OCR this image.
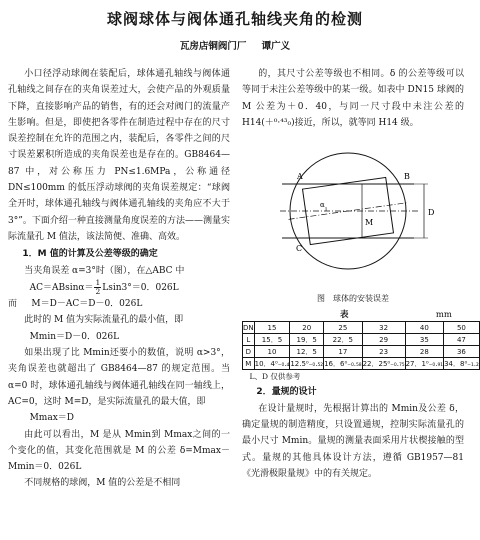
球阀球体与阀体通孔轴线夹角的检测
瓦房店铜阀门厂 谭广义

小口径浮动球阀在装配后，球体通孔轴线与阀体通孔轴线之间存在的夹角误差过大，会使产品的外观质量下降，直接影响产品的销售，有的还会对阀门的流量产生影响。但是，即使把各零件在制造过程中存在的尺寸误差控制在允许的范围之内，装配后，各零件之间的尺寸误差累积所造成的夹角误差也是存在的。GB8464—87 中，对公称压力 PN≤1.6MPa，公称通径 DN≤100mm 的低压浮动球阀的夹角误差规定：“球阀全开时，球体通孔轴线与阀体通孔轴线的夹角应不大于 3°”。下面介绍一种直接测量角度误差的方法——测量实际流量孔 M 值法，该法简便、准确、高效。

1．M 值的计算及公差等级的确定

当夹角误差 α=3°时（图），在△ABC 中

$AC=ABsin\alpha= \frac{1}{2} Lsin3^\circ=0$．026L

而 M＝D－AC＝D－0．026L

此时的 M 值为实际流量孔的最小值，即

Mmin＝D－0．026L

如果出现了比 Mmin还要小的数值，说明 α>3°，夹角误差也就超出了 GB8464—87 的规定范围。当 α=0 时，球体通孔轴线与阀体通孔轴线在同一轴线上，AC=0，这时 M=D，是实际流量孔的最大值，即

Mmax＝D

由此可以看出，M 是从 Mmin到 Mmax之间的一个变化的值，其变化范围就是 M 的公差 δ=Mmax－Mmin＝0．026L

不同规格的球阀，M 值的公差是不相同

的，其尺寸公差等级也不相同。δ 的公差等级可以等同于未注公差等级中的某一级。如表中 DN15 球阀的 M 公差为＋0．40，与同一尺寸段中未注公差的 H14(＋⁰·⁴³₀)接近，所以，就等同 H14 级。

A	B
C
α
M
D
图　球体的安装误差
表	mm
DN	15	20	25	32	40	50
L	15．5	19．5	22．5	29	35	47
D	10	12．5	17	23	28	36
M	10．4⁰₋₀.₄	12.5⁰₋₀.₅₂	16．6⁰₋₀.₅₈	22．25⁰₋₀.₇₅	27．1⁰₋₀.₉₁	34．8⁰₋₁.₂
L、D 仅供参考
2．量规的设计

在设计量规时，先根据计算出的 Mmin及公差 δ，确定量规的制造精度，只设置通规，控制实际流量孔的最小尺寸 Mmin。量规的测量表面采用片状楔接触的型式。量规的其他具体设计方法，遵循 GB1957—81《光滑极限量规》中的有关规定。
